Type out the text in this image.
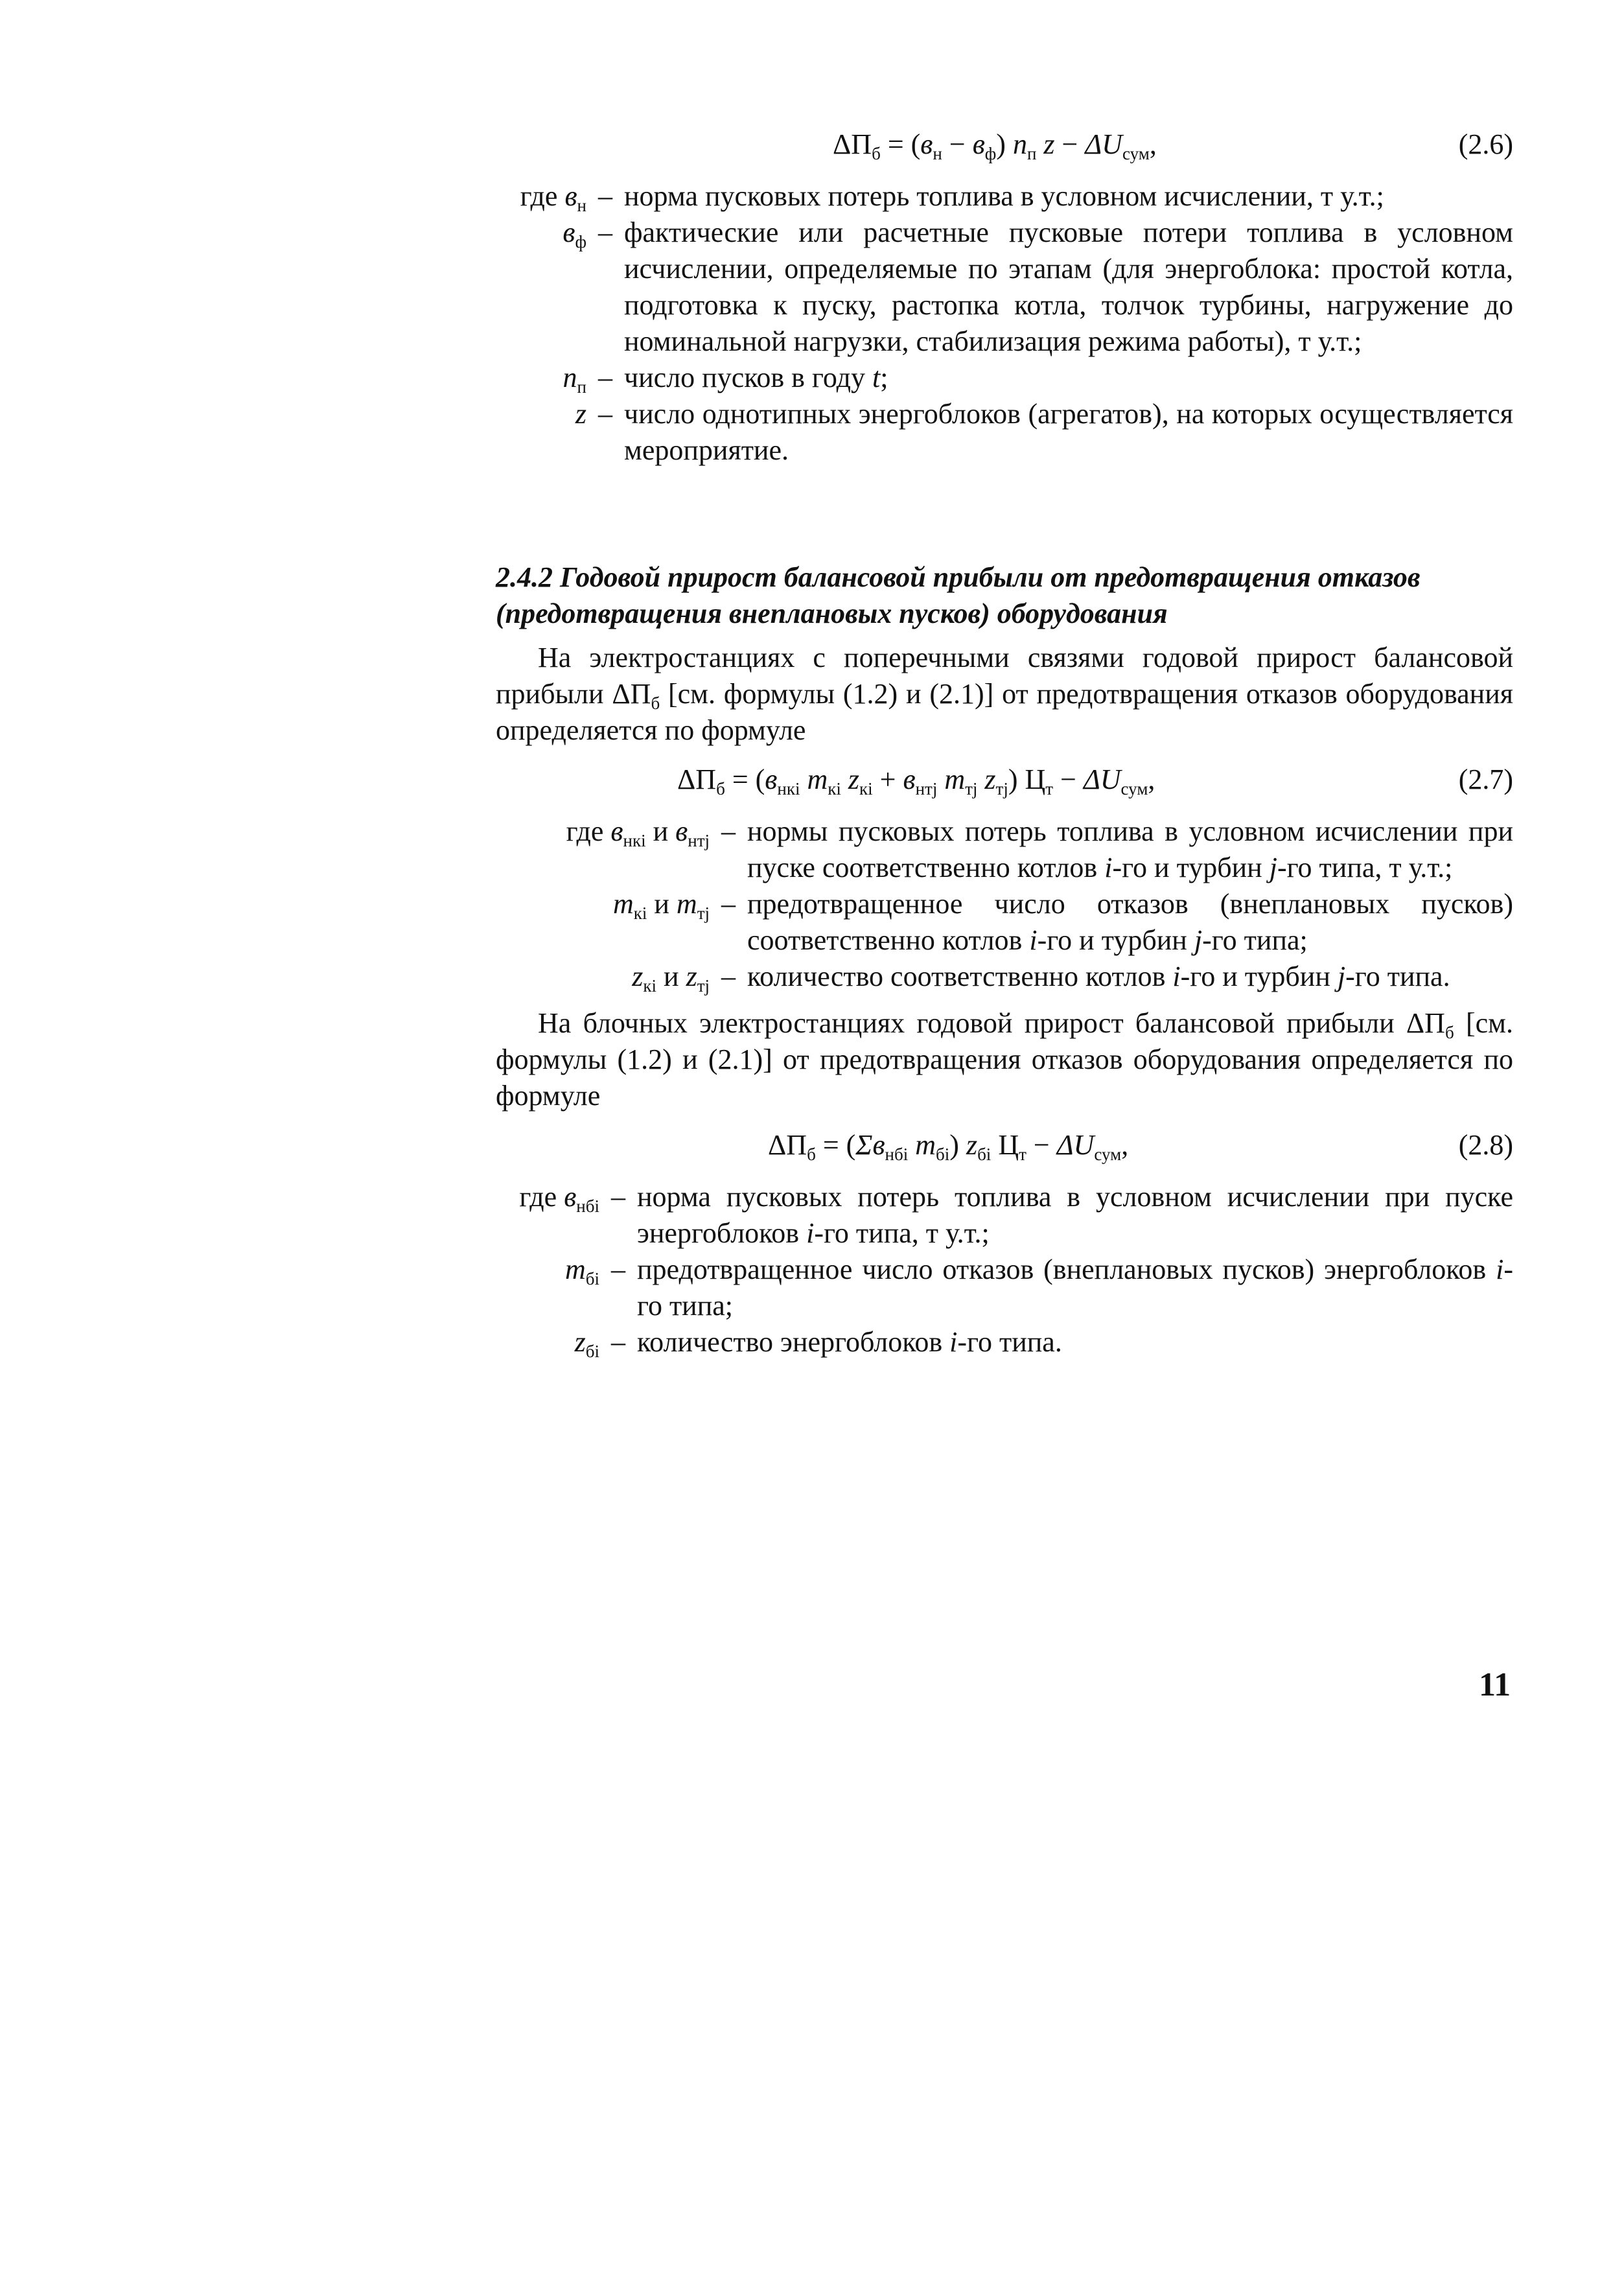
$\Delta П_б = (в_н - в_ф)$ $n_п$ $z - \Delta U_{сум}$,	(2.6)
где $в_н$ – норма пусковых потерь топлива в условном исчислении, т у.т.;
$в_ф$ – фактические или расчетные пусковые потери топлива в условном исчислении, определяемые по этапам (для энергоблока: простой котла, подготовка к пуску, растопка котла, толчок турбины, нагружение до номинальной нагрузки, стабилизация режима работы), т у.т.;
$n_п$ – число пусков в году t;
z – число однотипных энергоблоков (агрегатов), на которых осуществляется мероприятие.
2.4.2 Годовой прирост балансовой прибыли от предотвращения отказов (предотвращения внеплановых пусков) оборудования
На электростанциях с поперечными связями годовой прирост балансовой прибыли $\Delta П_б$ [см. формулы (1.2) и (2.1)] от предотвращения отказов оборудования определяется по формуле
$\Delta П_б = (в_{нкi}$ $m_{кi}$ $z_{кi} + в_{нтj}$ $m_{тj}$ $z_{тj}$) $Ц_т - \Delta U_{сум}$,	(2.7)
где $в_{нкi}$ и $в_{нтj}$ – нормы пусковых потерь топлива в условном исчислении при пуске соответственно котлов i-го и турбин j-го типа, т у.т.;
$m_{кi}$ и $m_{тj}$ – предотвращенное число отказов (внеплановых пусков) соответственно котлов i-го и турбин j-го типа;
$z_{кi}$ и $z_{тj}$ – количество соответственно котлов i-го и турбин j-го типа.
На блочных электростанциях годовой прирост балансовой прибыли $\Delta П_б$ [см. формулы (1.2) и (2.1)] от предотвращения отказов оборудования определяется по формуле
$\Delta П_б = (\Sigma в_{нбi}$ $m_{бi}$) $z_{бi}$ $Ц_т - \Delta U_{сум}$,	(2.8)
где $в_{нбi}$ – норма пусковых потерь топлива в условном исчислении при пуске энергоблоков i-го типа, т у.т.;
$m_{бi}$ – предотвращенное число отказов (внеплановых пусков) энергоблоков i-го типа;
$z_{бi}$ – количество энергоблоков i-го типа.
11
